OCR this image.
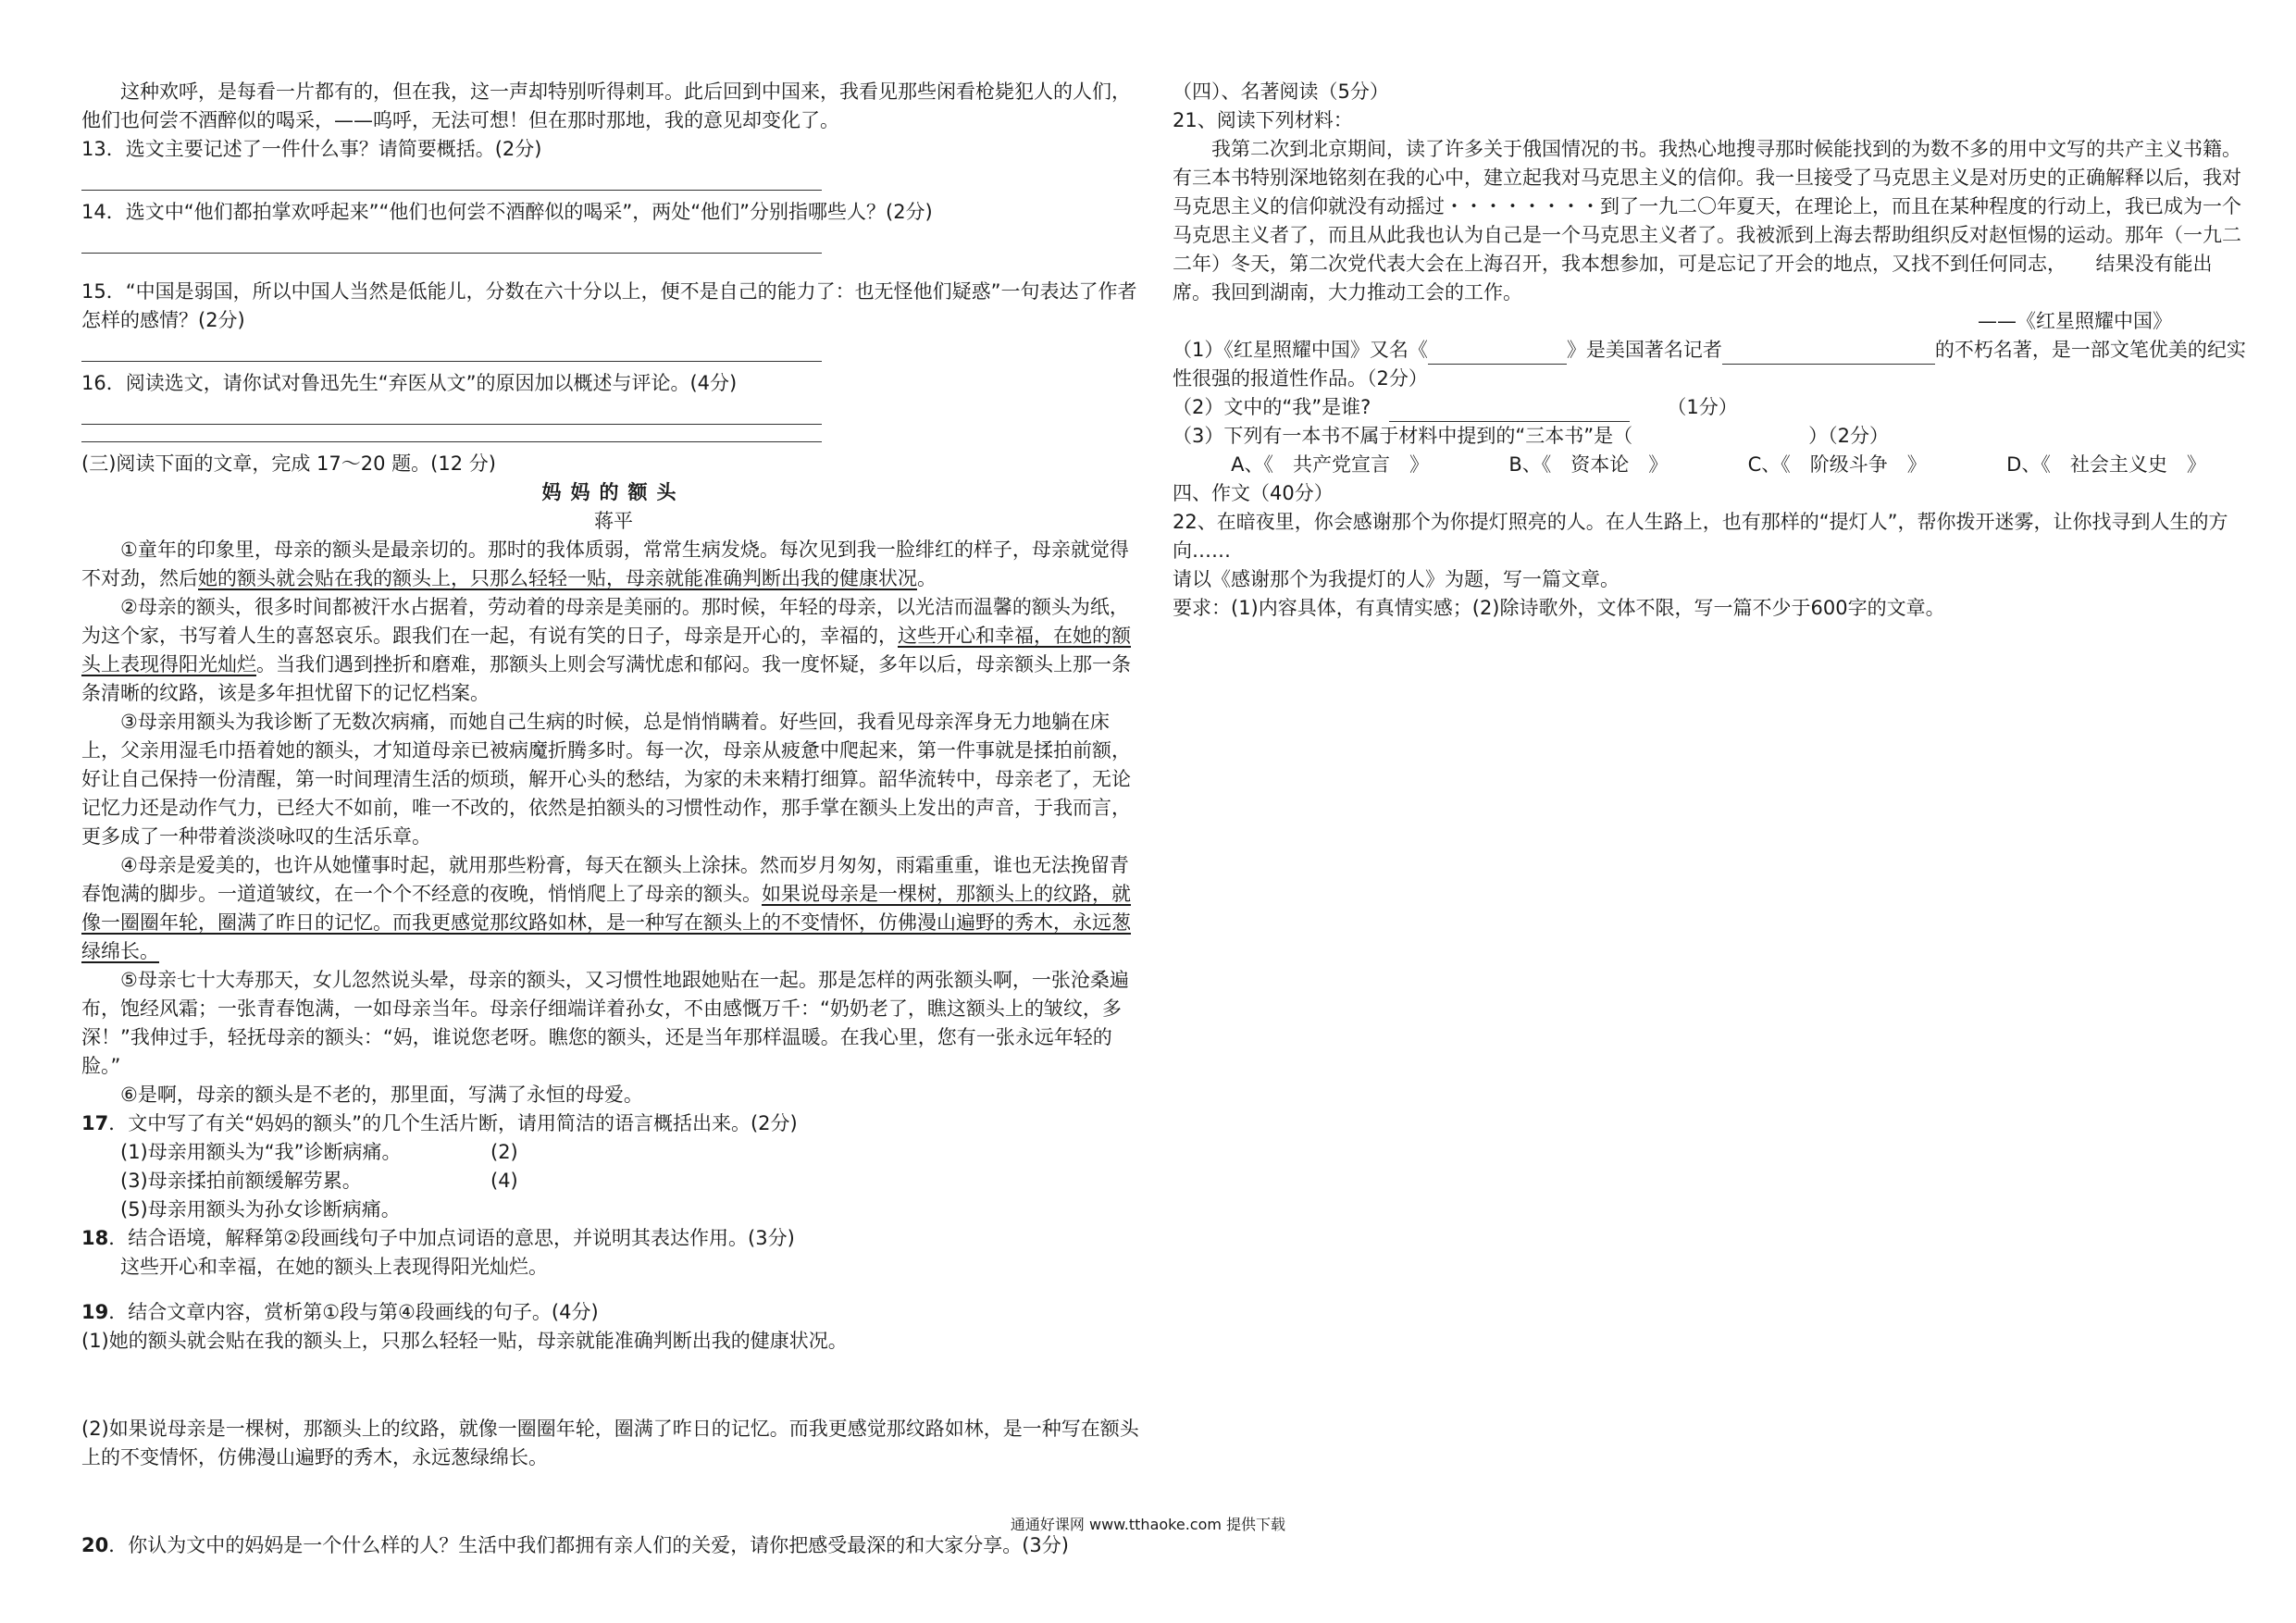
这种欢呼，是每看一片都有的，但在我，这一声却特别听得刺耳。此后回到中国来，我看见那些闲看枪毙犯人的人们，他们也何尝不酒醉似的喝采，——呜呼，无法可想！但在那时那地，我的意见却变化了。

13．选文主要记述了一件什么事？请简要概括。(2分)

14．选文中“他们都拍掌欢呼起来”“他们也何尝不酒醉似的喝采”，两处“他们”分别指哪些人？(2分)

15．“中国是弱国，所以中国人当然是低能儿，分数在六十分以上，便不是自己的能力了：也无怪他们疑惑”一句表达了作者怎样的感情？(2分)

16．阅读选文，请你试对鲁迅先生“弃医从文”的原因加以概述与评论。(4分)

(三)阅读下面的文章，完成 17～20 题。(12 分)

妈妈的额头

蒋平

①童年的印象里，母亲的额头是最亲切的。那时的我体质弱，常常生病发烧。每次见到我一脸绯红的样子，母亲就觉得不对劲，然后她的额头就会贴在我的额头上，只那么轻轻一贴，母亲就能准确判断出我的健康状况。

②母亲的额头，很多时间都被汗水占据着，劳动着的母亲是美丽的。那时候，年轻的母亲，以光洁而温馨的额头为纸，为这个家，书写着人生的喜怒哀乐。跟我们在一起，有说有笑的日子，母亲是开心的，幸福的，这些开心和幸福，在她的额头上表现得阳光灿烂。当我们遇到挫折和磨难，那额头上则会写满忧虑和郁闷。我一度怀疑，多年以后，母亲额头上那一条条清晰的纹路，该是多年担忧留下的记忆档案。

③母亲用额头为我诊断了无数次病痛，而她自己生病的时候，总是悄悄瞒着。好些回，我看见母亲浑身无力地躺在床上，父亲用湿毛巾捂着她的额头，才知道母亲已被病魔折腾多时。每一次，母亲从疲惫中爬起来，第一件事就是揉拍前额，好让自己保持一份清醒，第一时间理清生活的烦琐，解开心头的愁结，为家的未来精打细算。韶华流转中，母亲老了，无论记忆力还是动作气力，已经大不如前，唯一不改的，依然是拍额头的习惯性动作，那手掌在额头上发出的声音，于我而言，更多成了一种带着淡淡咏叹的生活乐章。

④母亲是爱美的，也许从她懂事时起，就用那些粉膏，每天在额头上涂抹。然而岁月匆匆，雨霜重重，谁也无法挽留青春饱满的脚步。一道道皱纹，在一个个不经意的夜晚，悄悄爬上了母亲的额头。如果说母亲是一棵树，那额头上的纹路，就像一圈圈年轮，圈满了昨日的记忆。而我更感觉那纹路如林，是一种写在额头上的不变情怀，仿佛漫山遍野的秀木，永远葱绿绵长。

⑤母亲七十大寿那天，女儿忽然说头晕，母亲的额头，又习惯性地跟她贴在一起。那是怎样的两张额头啊，一张沧桑遍布，饱经风霜；一张青春饱满，一如母亲当年。母亲仔细端详着孙女，不由感慨万千：“奶奶老了，瞧这额头上的皱纹，多深！”我伸过手，轻抚母亲的额头：“妈，谁说您老呀。瞧您的额头，还是当年那样温暖。在我心里，您有一张永远年轻的脸。”

⑥是啊，母亲的额头是不老的，那里面，写满了永恒的母爱。

17．文中写了有关“妈妈的额头”的几个生活片断，请用简洁的语言概括出来。(2分)

(1)母亲用额头为“我”诊断病痛。	(2)

(3)母亲揉拍前额缓解劳累。	(4)

(5)母亲用额头为孙女诊断病痛。

18．结合语境，解释第②段画线句子中加点词语的意思，并说明其表达作用。(3分)

这些开心和幸福，在她的额头上表现得阳光灿烂。

19．结合文章内容，赏析第①段与第④段画线的句子。(4分)

(1)她的额头就会贴在我的额头上，只那么轻轻一贴，母亲就能准确判断出我的健康状况。

(2)如果说母亲是一棵树，那额头上的纹路，就像一圈圈年轮，圈满了昨日的记忆。而我更感觉那纹路如林，是一种写在额头上的不变情怀，仿佛漫山遍野的秀木，永远葱绿绵长。

20．你认为文中的妈妈是一个什么样的人？生活中我们都拥有亲人们的关爱，请你把感受最深的和大家分享。(3分)

（四）、名著阅读（5分）

21、阅读下列材料：

我第二次到北京期间，读了许多关于俄国情况的书。我热心地搜寻那时候能找到的为数不多的用中文写的共产主义书籍。有三本书特别深地铭刻在我的心中，建立起我对马克思主义的信仰。我一旦接受了马克思主义是对历史的正确解释以后，我对马克思主义的信仰就没有动摇过・・・・・・・・到了一九二〇年夏天，在理论上，而且在某种程度的行动上，我已成为一个马克思主义者了，而且从此我也认为自己是一个马克思主义者了。我被派到上海去帮助组织反对赵恒惕的运动。那年（一九二二年）冬天，第二次党代表大会在上海召开，我本想参加，可是忘记了开会的地点，又找不到任何同志，　　结果没有能出席。我回到湖南，大力推动工会的工作。

——《红星照耀中国》

（1）《红星照耀中国》又名《	》是美国著名记者	的不朽名著，是一部文笔优美的纪实性很强的报道性作品。（2分）

（2）文中的“我”是谁?	（1分）

（3）下列有一本书不属于材料中提到的“三本书”是（	）（2分）

A、《　共产党宣言　》	B、《　资本论　》	C、《　阶级斗争　》	D、《　社会主义史　》

四、作文（40分）

22、在暗夜里，你会感谢那个为你提灯照亮的人。在人生路上，也有那样的“提灯人”，帮你拨开迷雾，让你找寻到人生的方向……

请以《感谢那个为我提灯的人》为题，写一篇文章。

要求：(1)内容具体，有真情实感；(2)除诗歌外，文体不限，写一篇不少于600字的文章。

通通好课网 www.tthaoke.com 提供下载
